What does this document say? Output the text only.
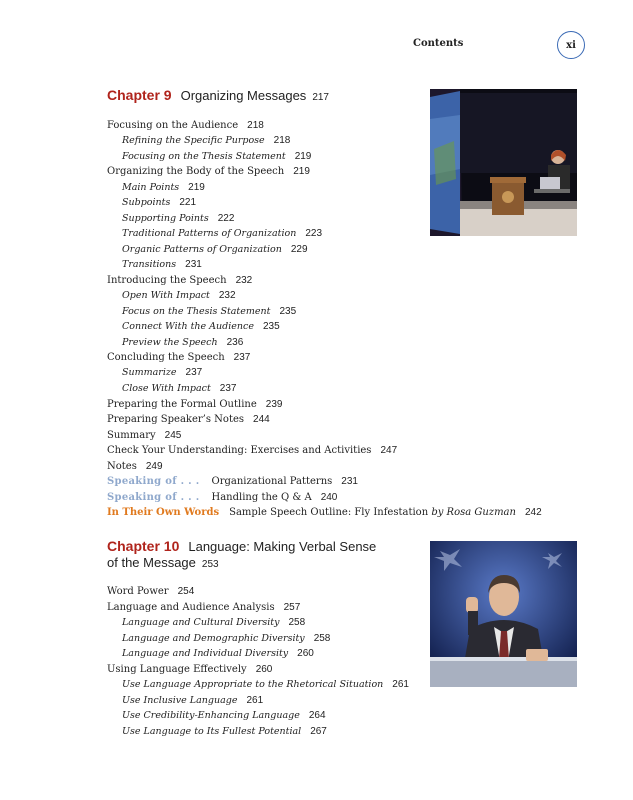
Contents	xi
Chapter 9 Organizing Messages 217
Focusing on the Audience 218
Refining the Specific Purpose 218
Focusing on the Thesis Statement 219
Organizing the Body of the Speech 219
Main Points 219
Subpoints 221
Supporting Points 222
Traditional Patterns of Organization 223
Organic Patterns of Organization 229
Transitions 231
Introducing the Speech 232
Open With Impact 232
Focus on the Thesis Statement 235
Connect With the Audience 235
Preview the Speech 236
Concluding the Speech 237
Summarize 237
Close With Impact 237
Preparing the Formal Outline 239
Preparing Speaker’s Notes 244
Summary 245
Check Your Understanding: Exercises and Activities 247
Notes 249
Speaking of . . . Organizational Patterns 231
Speaking of . . . Handling the Q & A 240
In Their Own Words Sample Speech Outline: Fly Infestation by Rosa Guzman 242
Chapter 10 Language: Making Verbal Sense
of the Message 253
Word Power 254
Language and Audience Analysis 257
Language and Cultural Diversity 258
Language and Demographic Diversity 258
Language and Individual Diversity 260
Using Language Effectively 260
Use Language Appropriate to the Rhetorical Situation 261
Use Inclusive Language 261
Use Credibility-Enhancing Language 264
Use Language to Its Fullest Potential 267
